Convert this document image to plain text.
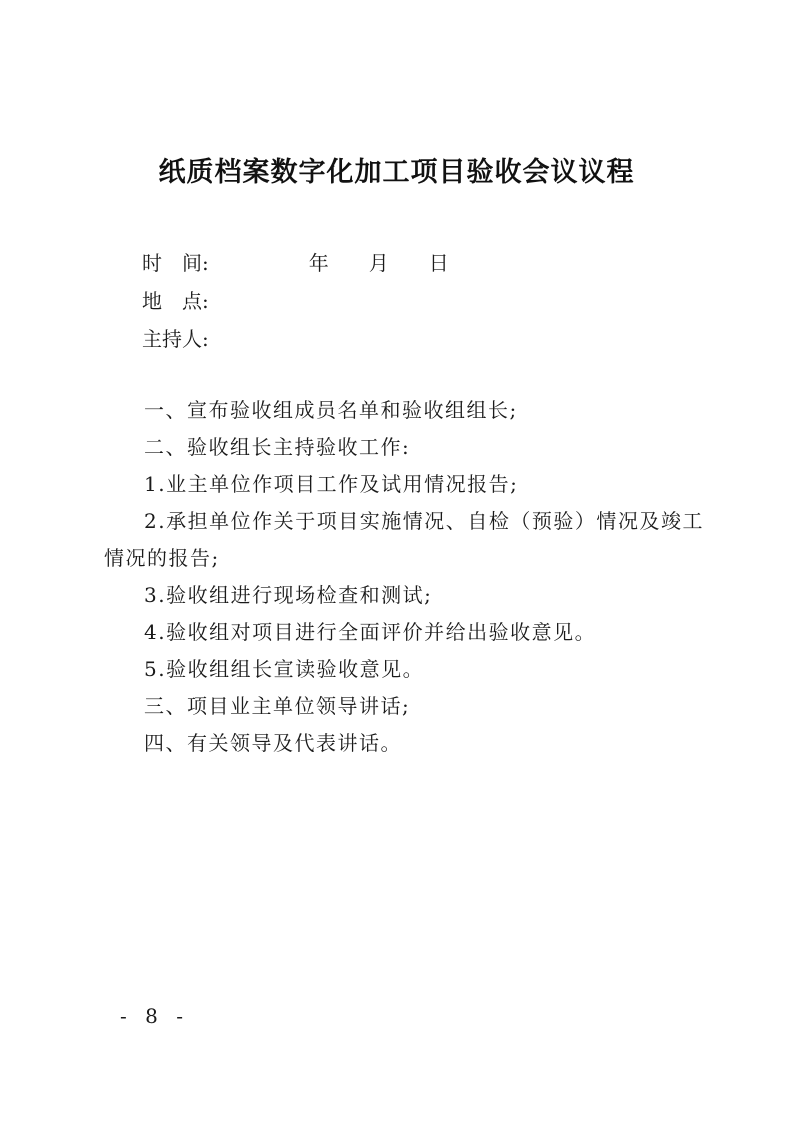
纸质档案数字化加工项目验收会议议程
时　间:　　　　　年　　月　　日
地　点:
主持人:
一、宣布验收组成员名单和验收组组长;
二、验收组长主持验收工作:
1.业主单位作项目工作及试用情况报告;
2.承担单位作关于项目实施情况、自检（预验）情况及竣工情况的报告;
3.验收组进行现场检查和测试;
4.验收组对项目进行全面评价并给出验收意见。
5.验收组组长宣读验收意见。
三、项目业主单位领导讲话;
四、有关领导及代表讲话。
- 8 -
